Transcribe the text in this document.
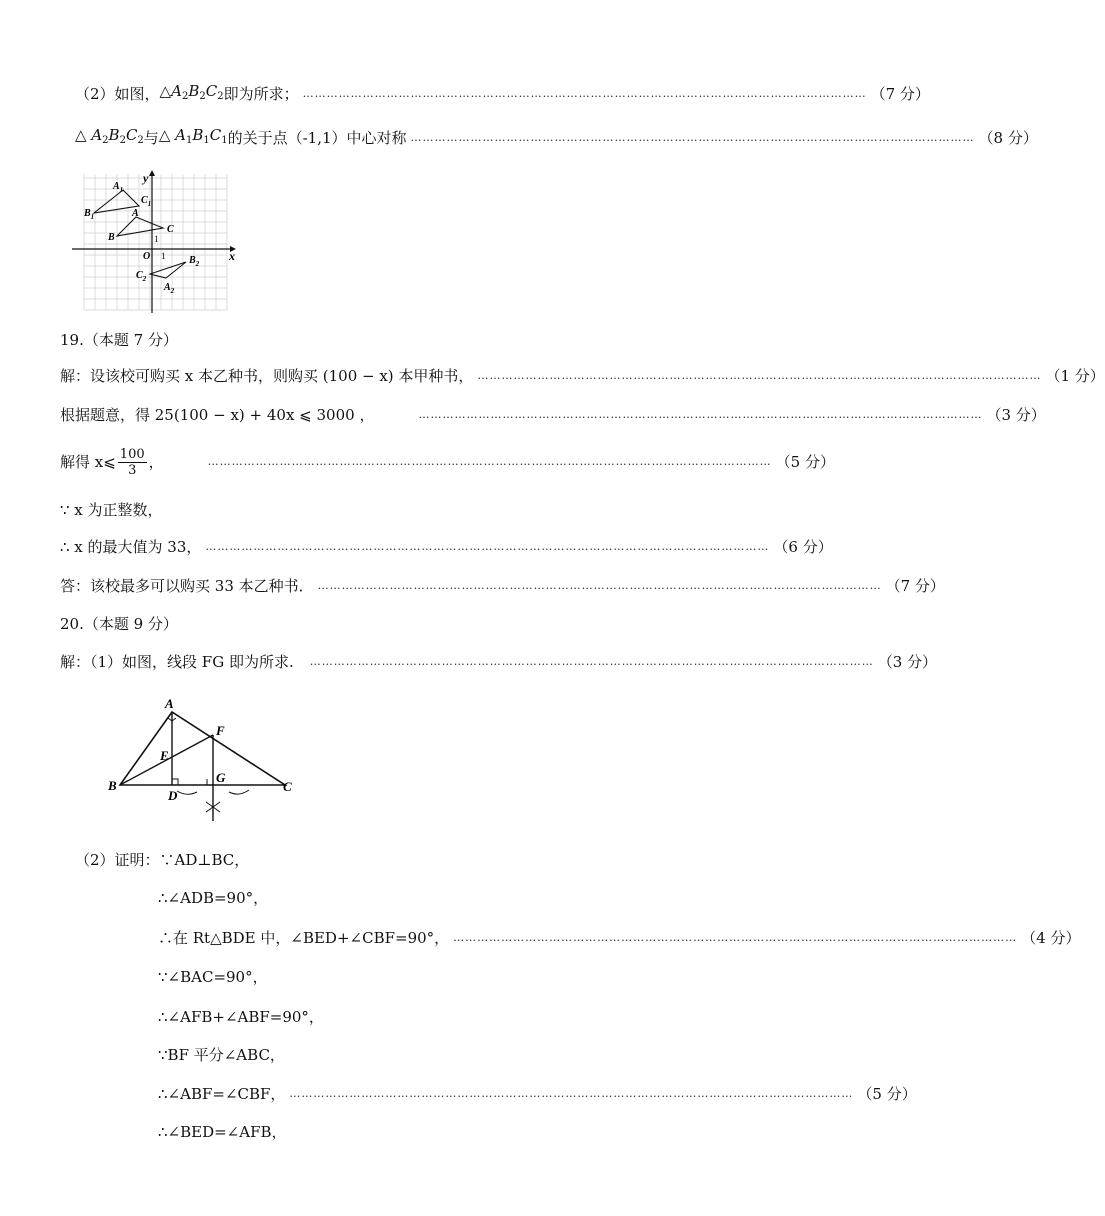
（2）如图， $\triangle A_2B_2C_2$ 即为所求； …………………………………………………………………………………………………………………………… （7 分）
△ $A_2B_2C_2$ 与 △ $A_1B_1C_1$ 的关于点（-1,1）中心对称 …………………………………………………………………………………………………………………………… （8 分）
x
y
O 1
1
$A_1$
$B_1$
$C_1$
A
B
C
$A_2$
$B_2$
$C_2$
19.（本题 7 分）
解：设该校可购买 x 本乙种书，则购买 (100 − x) 本甲种书， …………………………………………………………………………………………………………………………… （1 分）
根据题意，得 25(100 − x) + 40x ⩽ 3000 ，	…………………………………………………………………………………………………………………………… （3 分）
解得 x⩽ $\frac{100}{3}$ ，	…………………………………………………………………………………………………………………………… （5 分）
∵ x 为正整数，
∴ x 的最大值为 33， …………………………………………………………………………………………………………………………… （6 分）
答：该校最多可以购买 33 本乙种书． …………………………………………………………………………………………………………………………… （7 分）
20.（本题 9 分）
解：（1）如图，线段 FG 即为所求. …………………………………………………………………………………………………………………………… （3 分）
A
B	C
D
E
F
G
（2）证明：∵AD⊥BC，
∴∠ADB=90°，
∴在 Rt△BDE 中，∠BED+∠CBF=90°， …………………………………………………………………………………………………………………………… （4 分）
∵∠BAC=90°，
∴∠AFB+∠ABF=90°，
∵BF 平分∠ABC，
∴∠ABF=∠CBF， …………………………………………………………………………………………………………………………… （5 分）
∴∠BED=∠AFB，
